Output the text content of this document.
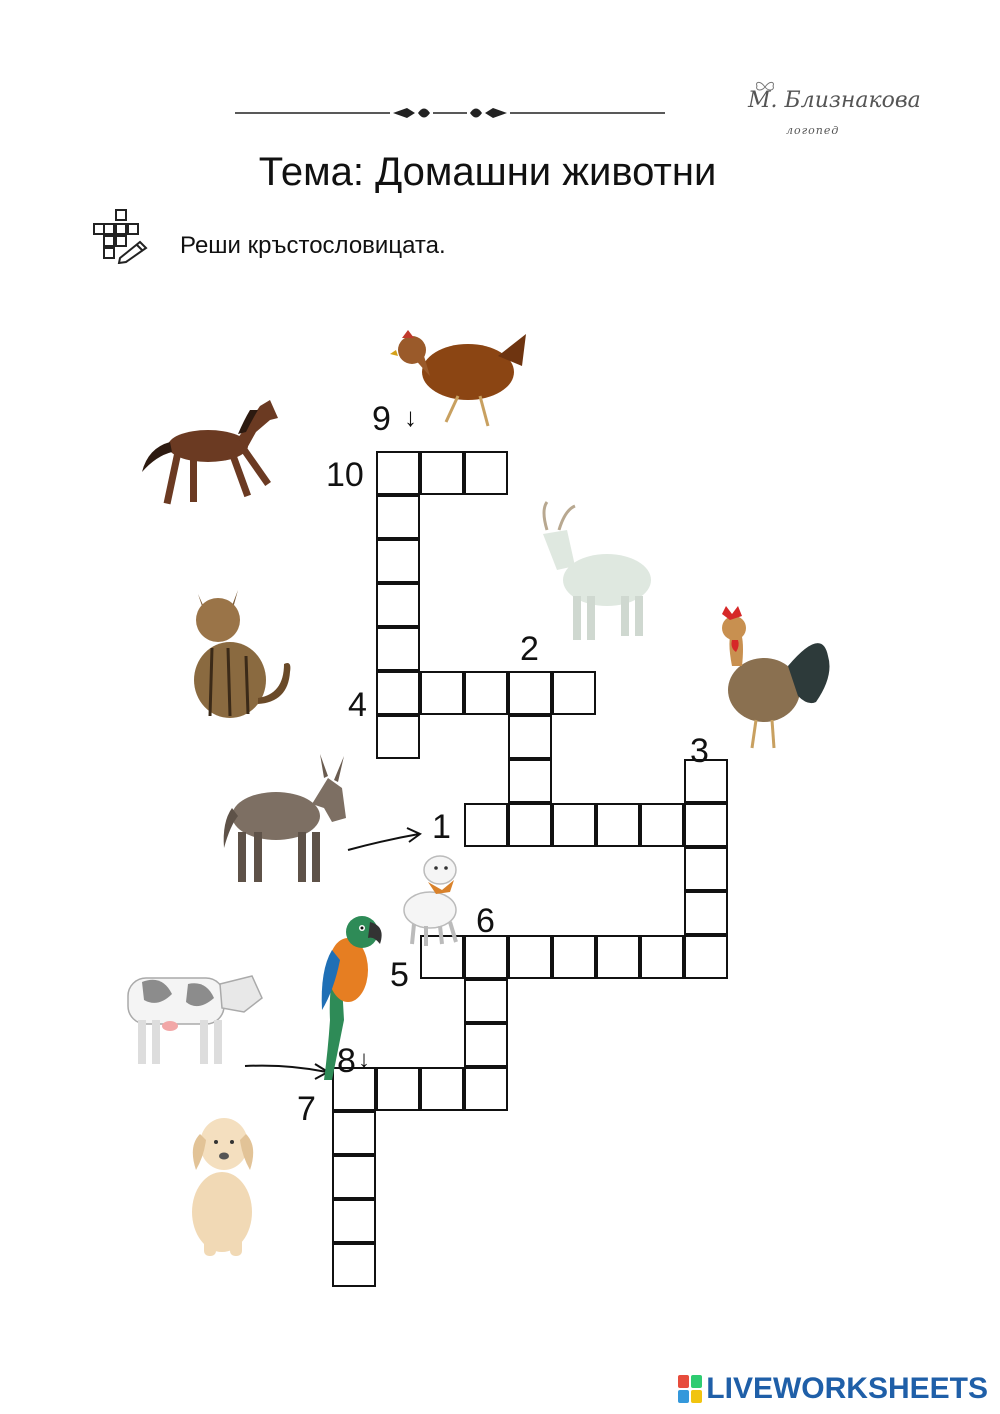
М. Близнакова
логопед
Тема: Домашни животни
Реши кръстословицата.
9 ↓
10
2
4
3
1
6
5
8 ↓
7
LIVEWORKSHEETS
